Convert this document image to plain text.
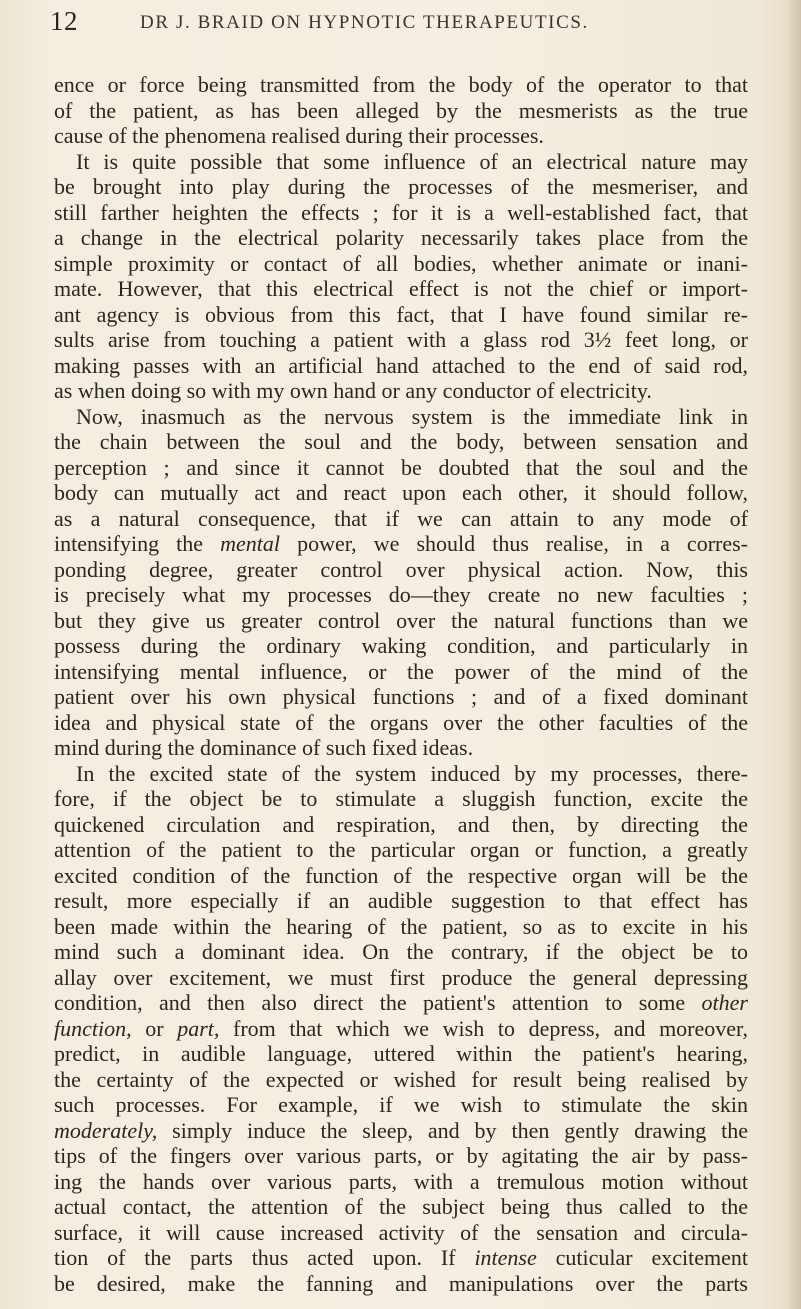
12	DR J. BRAID ON HYPNOTIC THERAPEUTICS.
ence or force being transmitted from the body of the operator to that
of the patient, as has been alleged by the mesmerists as the true
cause of the phenomena realised during their processes.
It is quite possible that some influence of an electrical nature may
be brought into play during the processes of the mesmeriser, and
still farther heighten the effects ; for it is a well-established fact, that
a change in the electrical polarity necessarily takes place from the
simple proximity or contact of all bodies, whether animate or inani-
mate. However, that this electrical effect is not the chief or import-
ant agency is obvious from this fact, that I have found similar re-
sults arise from touching a patient with a glass rod 3½ feet long, or
making passes with an artificial hand attached to the end of said rod,
as when doing so with my own hand or any conductor of electricity.
Now, inasmuch as the nervous system is the immediate link in
the chain between the soul and the body, between sensation and
perception ; and since it cannot be doubted that the soul and the
body can mutually act and react upon each other, it should follow,
as a natural consequence, that if we can attain to any mode of
intensifying the mental power, we should thus realise, in a corres-
ponding degree, greater control over physical action. Now, this
is precisely what my processes do—they create no new faculties ;
but they give us greater control over the natural functions than we
possess during the ordinary waking condition, and particularly in
intensifying mental influence, or the power of the mind of the
patient over his own physical functions ; and of a fixed dominant
idea and physical state of the organs over the other faculties of the
mind during the dominance of such fixed ideas.
In the excited state of the system induced by my processes, there-
fore, if the object be to stimulate a sluggish function, excite the
quickened circulation and respiration, and then, by directing the
attention of the patient to the particular organ or function, a greatly
excited condition of the function of the respective organ will be the
result, more especially if an audible suggestion to that effect has
been made within the hearing of the patient, so as to excite in his
mind such a dominant idea. On the contrary, if the object be to
allay over excitement, we must first produce the general depressing
condition, and then also direct the patient's attention to some other
function, or part, from that which we wish to depress, and moreover,
predict, in audible language, uttered within the patient's hearing,
the certainty of the expected or wished for result being realised by
such processes. For example, if we wish to stimulate the skin
moderately, simply induce the sleep, and by then gently drawing the
tips of the fingers over various parts, or by agitating the air by pass-
ing the hands over various parts, with a tremulous motion without
actual contact, the attention of the subject being thus called to the
surface, it will cause increased activity of the sensation and circula-
tion of the parts thus acted upon. If intense cuticular excitement
be desired, make the fanning and manipulations over the parts
